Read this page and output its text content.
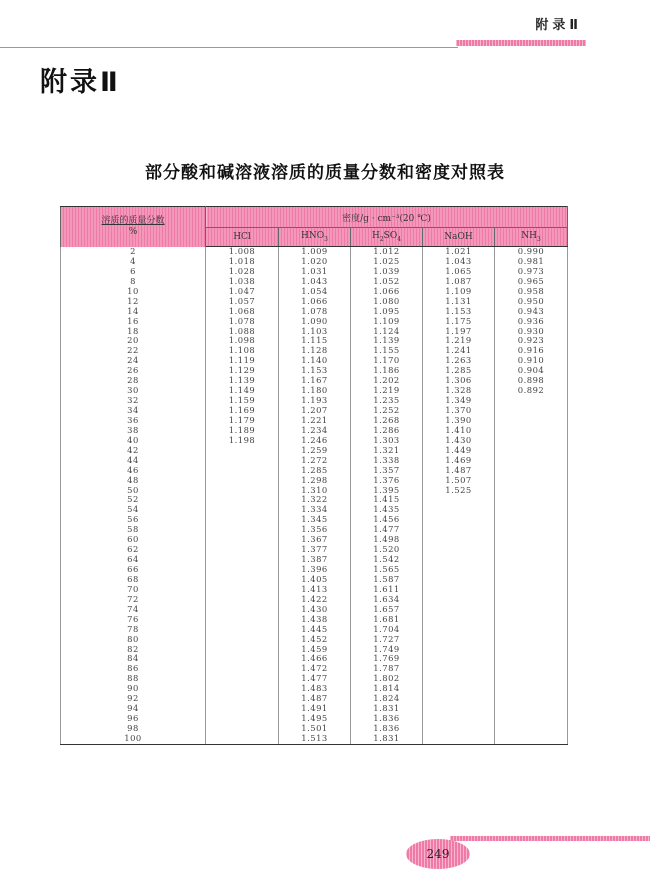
附录Ⅱ
附录Ⅱ
部分酸和碱溶液溶质的质量分数和密度对照表
溶质的质量分数
%	密度/g · cm⁻³(20 ℃)				
	HCl	$HNO_3$	$H_2SO_4$	NaOH	$NH_3$
2	1.008	1.009	1.012	1.021	0.990
4	1.018	1.020	1.025	1.043	0.981
6	1.028	1.031	1.039	1.065	0.973
8	1.038	1.043	1.052	1.087	0.965
10	1.047	1.054	1.066	1.109	0.958
12	1.057	1.066	1.080	1.131	0.950
14	1.068	1.078	1.095	1.153	0.943
16	1.078	1.090	1.109	1.175	0.936
18	1.088	1.103	1.124	1.197	0.930
20	1.098	1.115	1.139	1.219	0.923
22	1.108	1.128	1.155	1.241	0.916
24	1.119	1.140	1.170	1.263	0.910
26	1.129	1.153	1.186	1.285	0.904
28	1.139	1.167	1.202	1.306	0.898
30	1.149	1.180	1.219	1.328	0.892
32	1.159	1.193	1.235	1.349	
34	1.169	1.207	1.252	1.370	
36	1.179	1.221	1.268	1.390	
38	1.189	1.234	1.286	1.410	
40	1.198	1.246	1.303	1.430	
42		1.259	1.321	1.449	
44		1.272	1.338	1.469	
46		1.285	1.357	1.487	
48		1.298	1.376	1.507	
50		1.310	1.395	1.525	
52		1.322	1.415		
54		1.334	1.435		
56		1.345	1.456		
58		1.356	1.477		
60		1.367	1.498		
62		1.377	1.520		
64		1.387	1.542		
66		1.396	1.565		
68		1.405	1.587		
70		1.413	1.611		
72		1.422	1.634		
74		1.430	1.657		
76		1.438	1.681		
78		1.445	1.704		
80		1.452	1.727		
82		1.459	1.749		
84		1.466	1.769		
86		1.472	1.787		
88		1.477	1.802		
90		1.483	1.814		
92		1.487	1.824		
94		1.491	1.831		
96		1.495	1.836		
98		1.501	1.836		
100		1.513	1.831		
249
